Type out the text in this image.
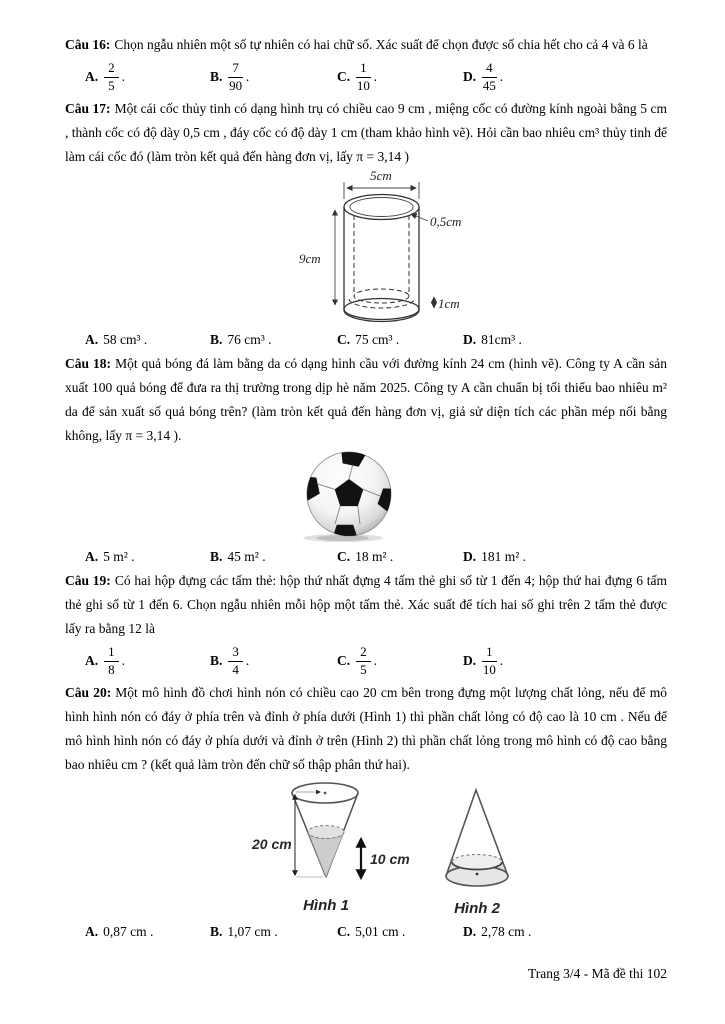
Câu 16: Chọn ngẫu nhiên một số tự nhiên có hai chữ số. Xác suất để chọn được số chia hết cho cả 4 và 6 là

A. $\frac{2}{5}$ .	B. $\frac{7}{90}$ .	C. $\frac{1}{10}$ .	D. $\frac{4}{45}$ .

Câu 17: Một cái cốc thủy tinh có dạng hình trụ có chiều cao 9 cm , miệng cốc có đường kính ngoài bằng 5 cm , thành cốc có độ dày 0,5 cm , đáy cốc có độ dày 1 cm (tham khảo hình vẽ). Hỏi cần bao nhiêu cm³ thủy tinh để làm cái cốc đó (làm tròn kết quả đến hàng đơn vị, lấy π = 3,14 )

5cm
0,5cm
9cm
1cm
A. 58 cm³ .	B. 76 cm³ .	C. 75 cm³ .	D. 81cm³ .

Câu 18: Một quả bóng đá làm bằng da có dạng hình cầu với đường kính 24 cm (hình vẽ). Công ty A cần sản xuất 100 quả bóng để đưa ra thị trường trong dịp hè năm 2025. Công ty A cần chuẩn bị tối thiểu bao nhiêu m² da để sản xuất số quả bóng trên? (làm tròn kết quả đến hàng đơn vị, giả sử diện tích các phần mép nối bằng không, lấy π = 3,14 ).

A. 5 m² .	B. 45 m² .	C. 18 m² .	D. 181 m² .

Câu 19: Có hai hộp đựng các tấm thẻ: hộp thứ nhất đựng 4 tấm thẻ ghi số từ 1 đến 4; hộp thứ hai đựng 6 tấm thẻ ghi số từ 1 đến 6. Chọn ngẫu nhiên mỗi hộp một tấm thẻ. Xác suất để tích hai số ghi trên 2 tấm thẻ được lấy ra bằng 12 là

A. $\frac{1}{8}$ .	B. $\frac{3}{4}$ .	C. $\frac{2}{5}$ .	D. $\frac{1}{10}$ .

Câu 20: Một mô hình đồ chơi hình nón có chiều cao 20 cm bên trong đựng một lượng chất lỏng, nếu để mô hình hình nón có đáy ở phía trên và đỉnh ở phía dưới (Hình 1) thì phần chất lỏng có độ cao là 10 cm . Nếu để mô hình hình nón có đáy ở phía dưới và đỉnh ở trên (Hình 2) thì phần chất lỏng trong mô hình có độ cao bằng bao nhiêu cm ? (kết quả làm tròn đến chữ số thập phân thứ hai).

20 cm
10 cm
Hình 1	Hình 2
A. 0,87 cm .	B. 1,07 cm .	C. 5,01 cm .	D. 2,78 cm .
Trang 3/4 - Mã đề thi 102
